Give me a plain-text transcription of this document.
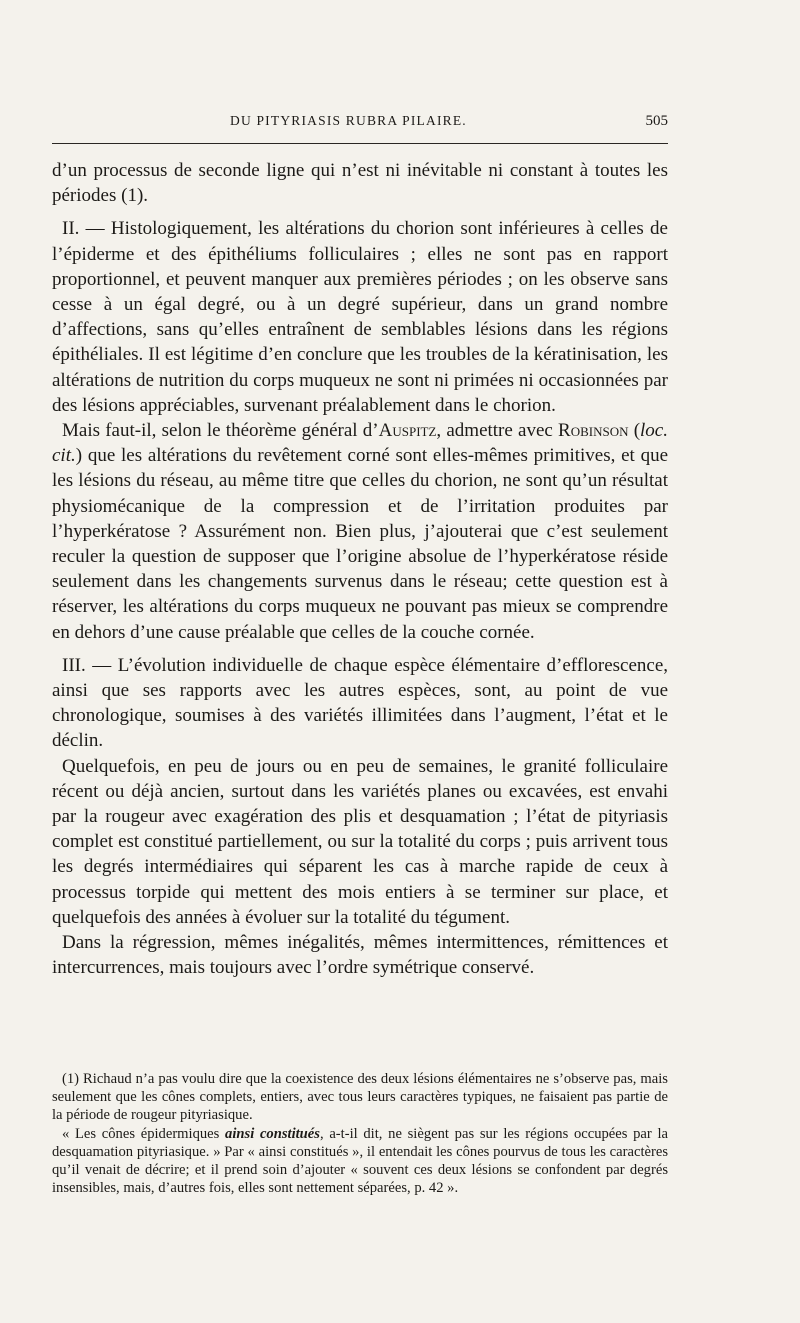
DU PITYRIASIS RUBRA PILAIRE.	505

d’un processus de seconde ligne qui n’est ni inévitable ni constant à toutes les périodes (1).

II. — Histologiquement, les altérations du chorion sont inférieures à celles de l’épiderme et des épithéliums folliculaires ; elles ne sont pas en rapport proportionnel, et peuvent manquer aux premières périodes ; on les observe sans cesse à un égal degré, ou à un degré supérieur, dans un grand nombre d’affections, sans qu’elles entraînent de semblables lésions dans les régions épithéliales. Il est légitime d’en conclure que les troubles de la kératinisation, les altérations de nutrition du corps muqueux ne sont ni primées ni occasionnées par des lésions appréciables, survenant préalablement dans le chorion.

Mais faut-il, selon le théorème général d’Auspitz, admettre avec Robinson (loc. cit.) que les altérations du revêtement corné sont elles-mêmes primitives, et que les lésions du réseau, au même titre que celles du chorion, ne sont qu’un résultat physiomécanique de la compression et de l’irritation produites par l’hyperkératose ? Assurément non. Bien plus, j’ajouterai que c’est seulement reculer la question de supposer que l’origine absolue de l’hyperkératose réside seulement dans les changements survenus dans le réseau; cette question est à réserver, les altérations du corps muqueux ne pouvant pas mieux se comprendre en dehors d’une cause préalable que celles de la couche cornée.

III. — L’évolution individuelle de chaque espèce élémentaire d’efflorescence, ainsi que ses rapports avec les autres espèces, sont, au point de vue chronologique, soumises à des variétés illimitées dans l’augment, l’état et le déclin.

Quelquefois, en peu de jours ou en peu de semaines, le granité folliculaire récent ou déjà ancien, surtout dans les variétés planes ou excavées, est envahi par la rougeur avec exagération des plis et desquamation ; l’état de pityriasis complet est constitué partiellement, ou sur la totalité du corps ; puis arrivent tous les degrés intermédiaires qui séparent les cas à marche rapide de ceux à processus torpide qui mettent des mois entiers à se terminer sur place, et quelquefois des années à évoluer sur la totalité du tégument.

Dans la régression, mêmes inégalités, mêmes intermittences, rémittences et intercurrences, mais toujours avec l’ordre symétrique conservé.

(1) Richaud n’a pas voulu dire que la coexistence des deux lésions élémentaires ne s’observe pas, mais seulement que les cônes complets, entiers, avec tous leurs caractères typiques, ne faisaient pas partie de la période de rougeur pityriasique.

« Les cônes épidermiques ainsi constitués, a-t-il dit, ne siègent pas sur les régions occupées par la desquamation pityriasique. » Par « ainsi constitués », il entendait les cônes pourvus de tous les caractères qu’il venait de décrire; et il prend soin d’ajouter « souvent ces deux lésions se confondent par degrés insensibles, mais, d’autres fois, elles sont nettement séparées, p. 42 ».
